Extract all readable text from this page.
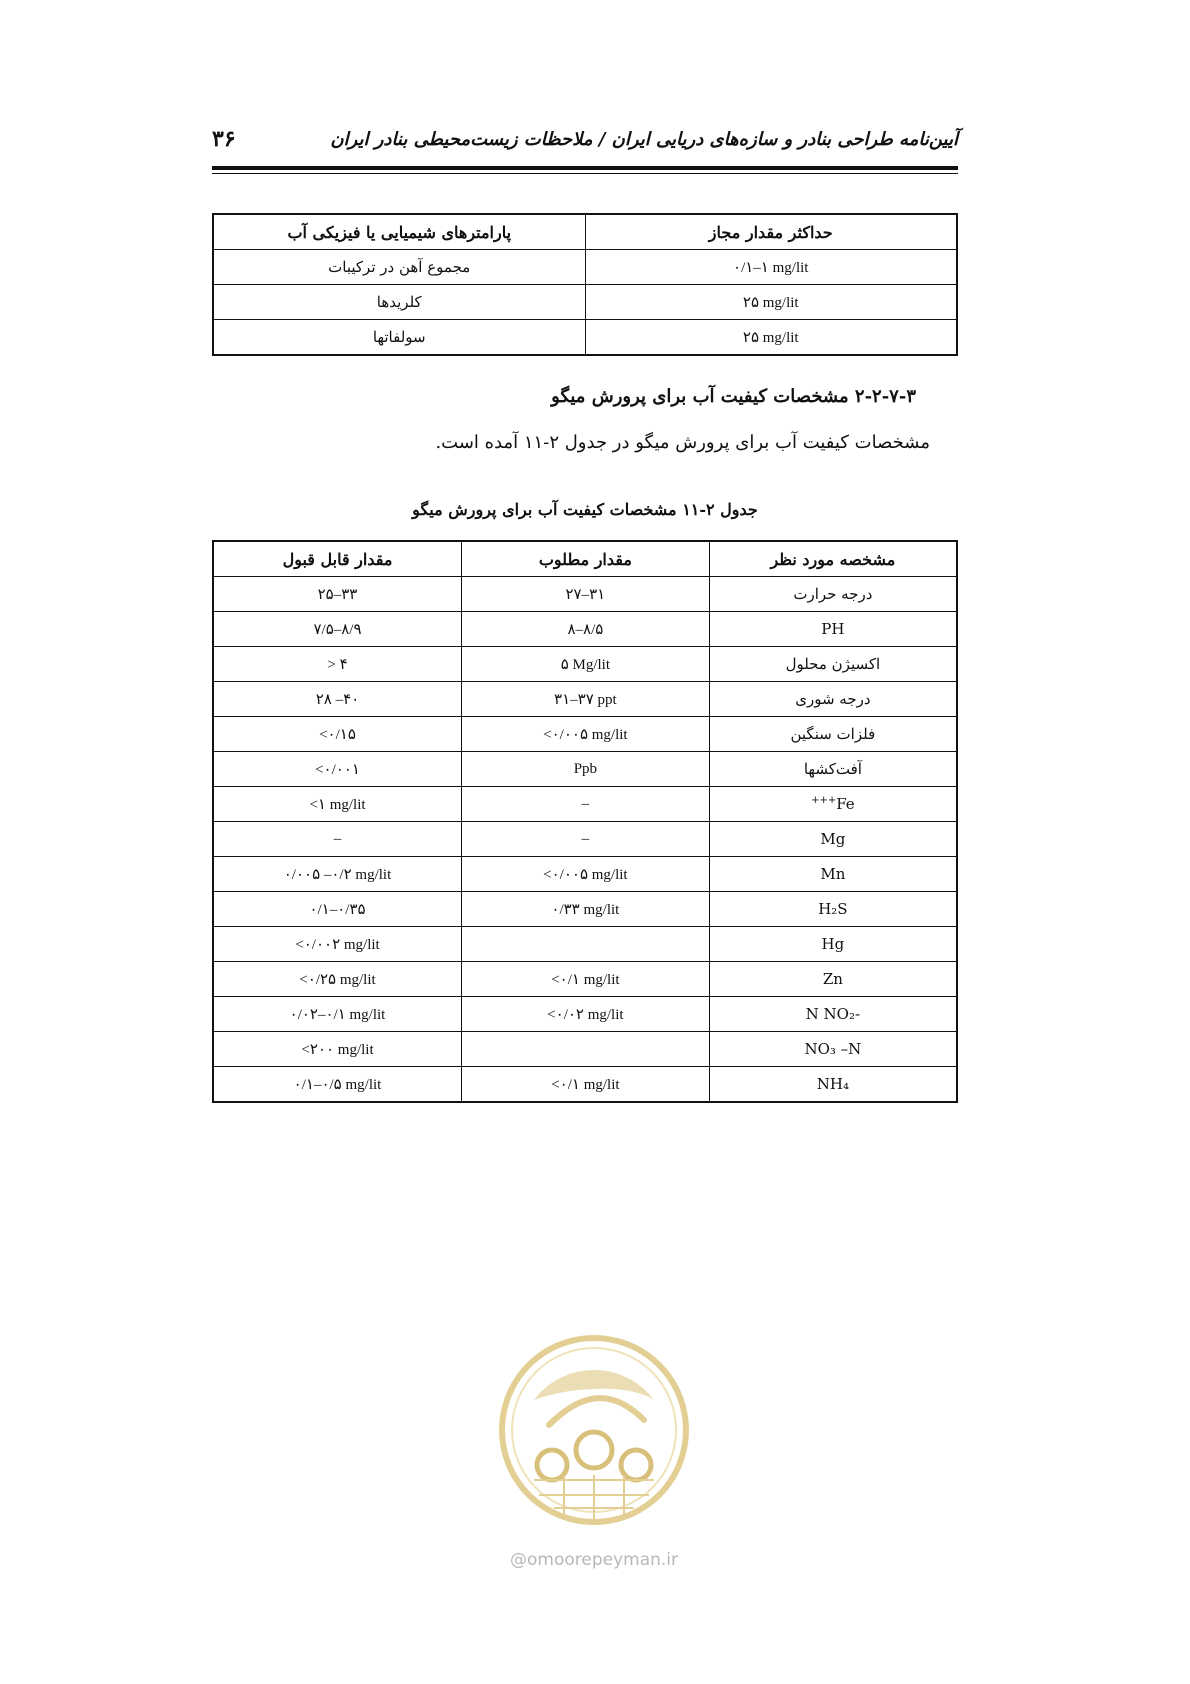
۳۶	آیین‌نامه طراحی بنادر و سازه‌های دریایی ایران / ملاحظات زیست‌محیطی بنادر ایران
حداکثر مقدار مجاز	پارامترهای شیمیایی یا فیزیکی آب
۰/۱–۱ mg/lit	مجموع آهن در ترکیبات
۲۵ mg/lit	کلریدها
۲۵ mg/lit	سولفاتها
۲-۲-۷-۳ مشخصات کیفیت آب برای پرورش میگو
مشخصات کیفیت آب برای پرورش میگو در جدول ۲-۱۱ آمده است.
جدول ۲-۱۱ مشخصات کیفیت آب برای پرورش میگو
مشخصه مورد نظر	مقدار مطلوب	مقدار قابل قبول
درجه حرارت	۲۷–۳۱	۲۵–۳۳
PH	۸–۸/۵	۷/۵–۸/۹
اکسیژن محلول	۵ Mg/lit	> ۴
درجه شوری	۳۱–۳۷ ppt	۲۸ –۴۰
فلزات سنگین	<۰/۰۰۵ mg/lit	<۰/۱۵
آفت‌کشها	Ppb	<۰/۰۰۱
Fe+++	–	<۱ mg/lit
Mg	–	–
Mn	<۰/۰۰۵ mg/lit	۰/۰۰۵ –۰/۲ mg/lit
H₂S	۰/۳۳ mg/lit	۰/۱–۰/۳۵
Hg		<۰/۰۰۲ mg/lit
Zn	<۰/۱ mg/lit	<۰/۲۵ mg/lit
-N NO₂	<۰/۰۲ mg/lit	۰/۰۲–۰/۱ mg/lit
NO₃ –N		<۲۰۰ mg/lit
NH₄	<۰/۱ mg/lit	۰/۱–۰/۵ mg/lit
@omoorepeyman.ir
